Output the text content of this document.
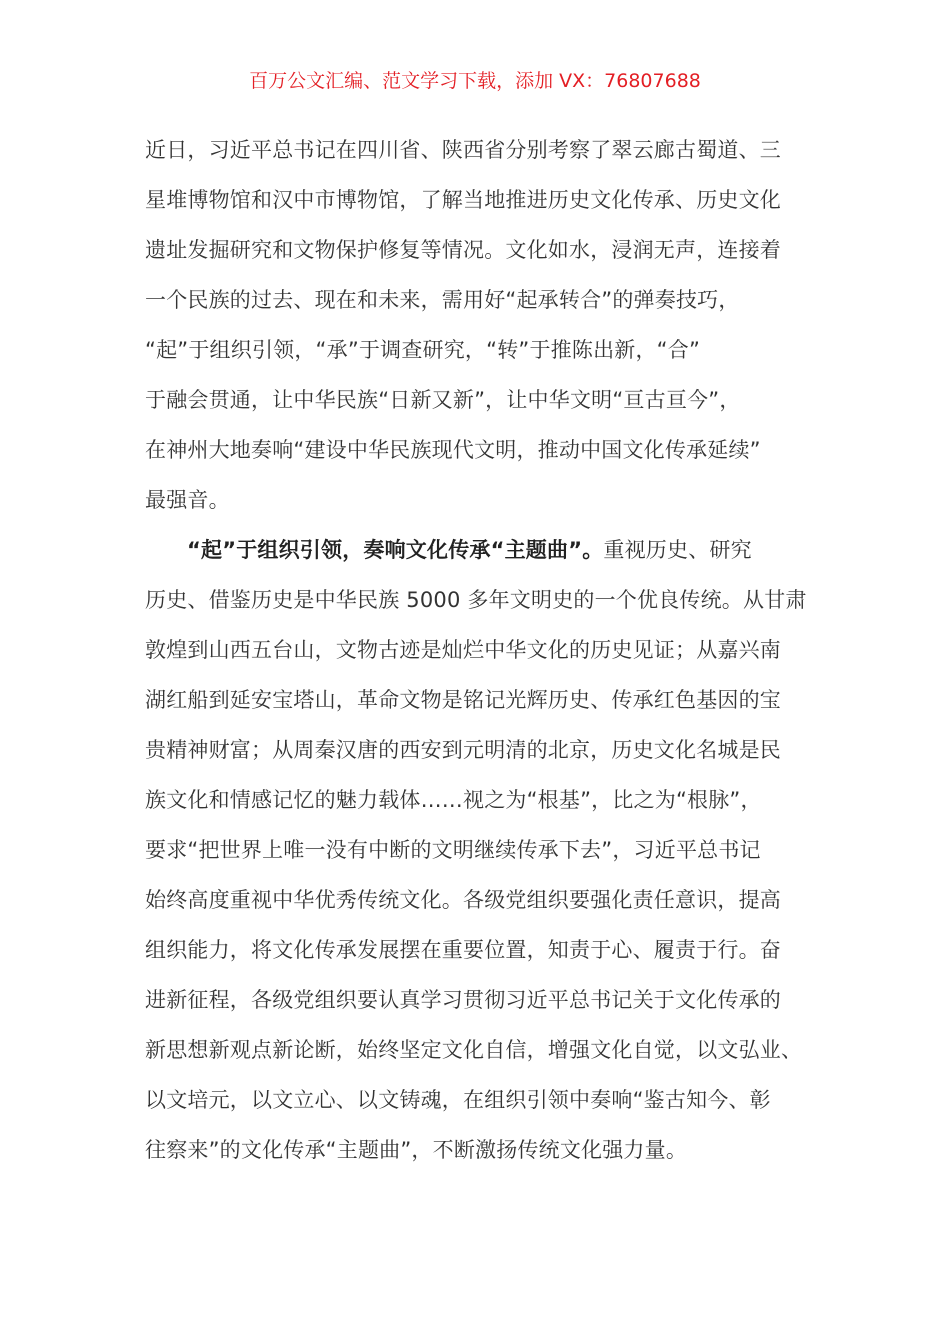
百万公文汇编、范文学习下载，添加 VX：76807688
近日，习近平总书记在四川省、陕西省分别考察了翠云廊古蜀道、三
星堆博物馆和汉中市博物馆，了解当地推进历史文化传承、历史文化
遗址发掘研究和文物保护修复等情况。文化如水，浸润无声，连接着
一个民族的过去、现在和未来，需用好“起承转合”的弹奏技巧，
“起”于组织引领，“承”于调查研究，“转”于推陈出新，“合”
于融会贯通，让中华民族“日新又新”，让中华文明“亘古亘今”，
在神州大地奏响“建设中华民族现代文明，推动中国文化传承延续”
最强音。
“起”于组织引领，奏响文化传承“主题曲”。重视历史、研究
历史、借鉴历史是中华民族 5000 多年文明史的一个优良传统。从甘肃
敦煌到山西五台山，文物古迹是灿烂中华文化的历史见证；从嘉兴南
湖红船到延安宝塔山，革命文物是铭记光辉历史、传承红色基因的宝
贵精神财富；从周秦汉唐的西安到元明清的北京，历史文化名城是民
族文化和情感记忆的魅力载体……视之为“根基”，比之为“根脉”，
要求“把世界上唯一没有中断的文明继续传承下去”，习近平总书记
始终高度重视中华优秀传统文化。各级党组织要强化责任意识，提高
组织能力，将文化传承发展摆在重要位置，知责于心、履责于行。奋
进新征程，各级党组织要认真学习贯彻习近平总书记关于文化传承的
新思想新观点新论断，始终坚定文化自信，增强文化自觉，以文弘业、
以文培元，以文立心、以文铸魂，在组织引领中奏响“鉴古知今、彰
往察来”的文化传承“主题曲”，不断激扬传统文化强力量。
